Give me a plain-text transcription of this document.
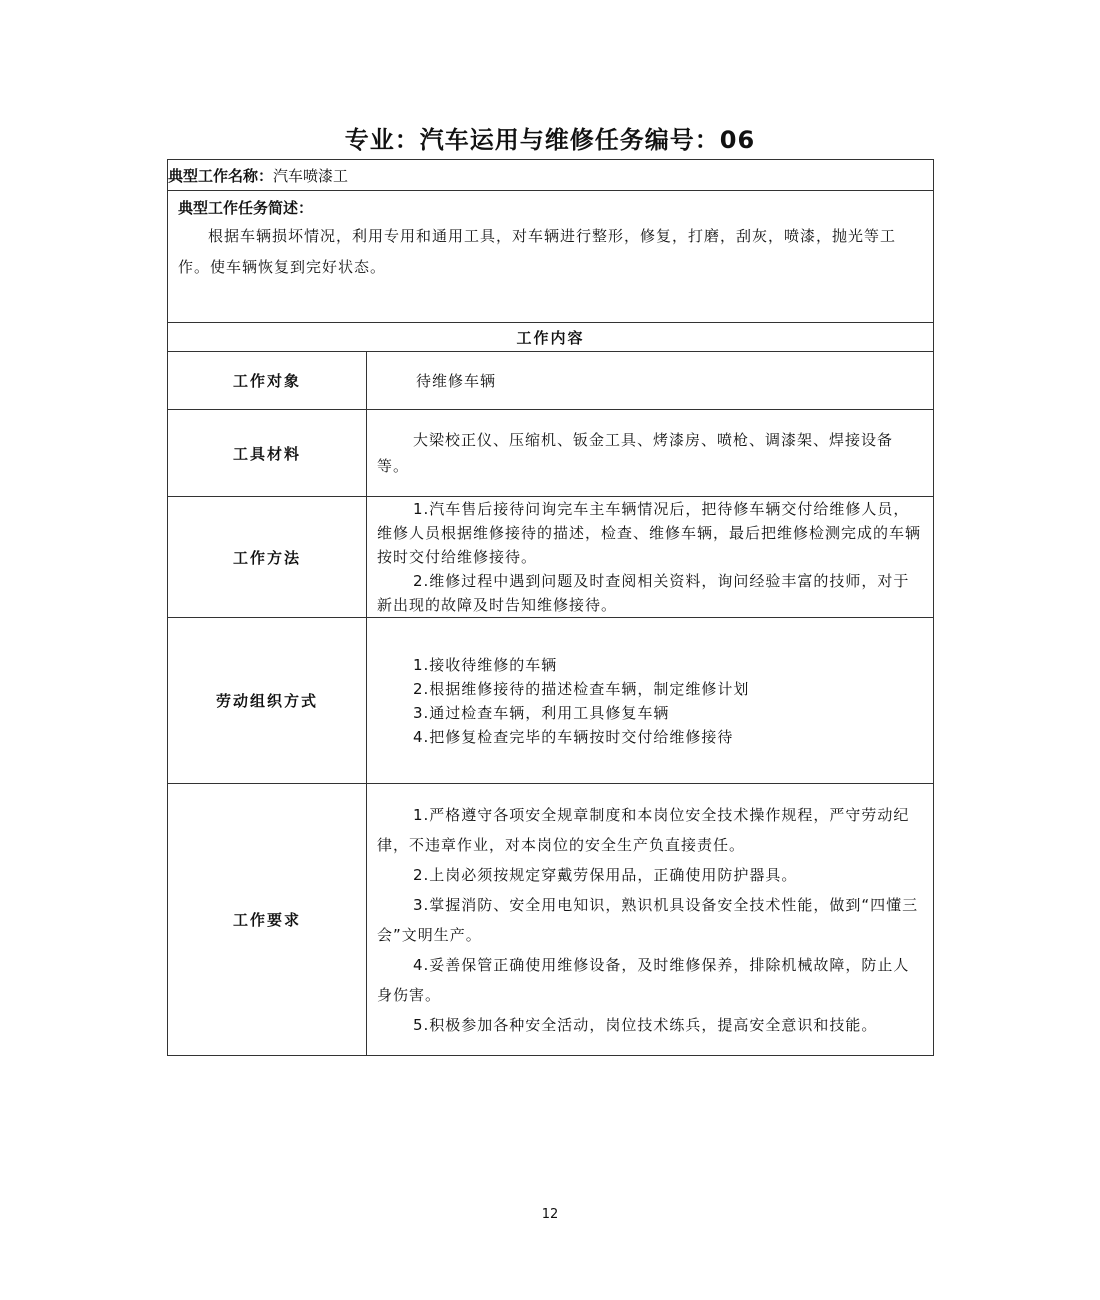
专业：汽车运用与维修任务编号：06
典型工作名称：汽车喷漆工	

典型工作任务简述：
根据车辆损坏情况，利用专用和通用工具，对车辆进行整形，修复，打磨，刮灰，喷漆，抛光等工作。使车辆恢复到完好状态。	

工作内容	
工作对象	待维修车辆

工具材料	大梁校正仪、压缩机、钣金工具、烤漆房、喷枪、调漆架、焊接设备等。

工作方法	1.汽车售后接待问询完车主车辆情况后，把待修车辆交付给维修人员，维修人员根据维修接待的描述，检查、维修车辆，最后把维修检测完成的车辆按时交付给维修接待。

2.维修过程中遇到问题及时查阅相关资料，询问经验丰富的技师，对于新出现的故障及时告知维修接待。

劳动组织方式	1.接收待维修的车辆

2.根据维修接待的描述检查车辆，制定维修计划

3.通过检查车辆，利用工具修复车辆

4.把修复检查完毕的车辆按时交付给维修接待

工作要求	1.严格遵守各项安全规章制度和本岗位安全技术操作规程，严守劳动纪律，不违章作业，对本岗位的安全生产负直接责任。

2.上岗必须按规定穿戴劳保用品，正确使用防护器具。

3.掌握消防、安全用电知识，熟识机具设备安全技术性能，做到“四懂三会”文明生产。

4.妥善保管正确使用维修设备，及时维修保养，排除机械故障，防止人身伤害。

5.积极参加各种安全活动，岗位技术练兵，提高安全意识和技能。

12
